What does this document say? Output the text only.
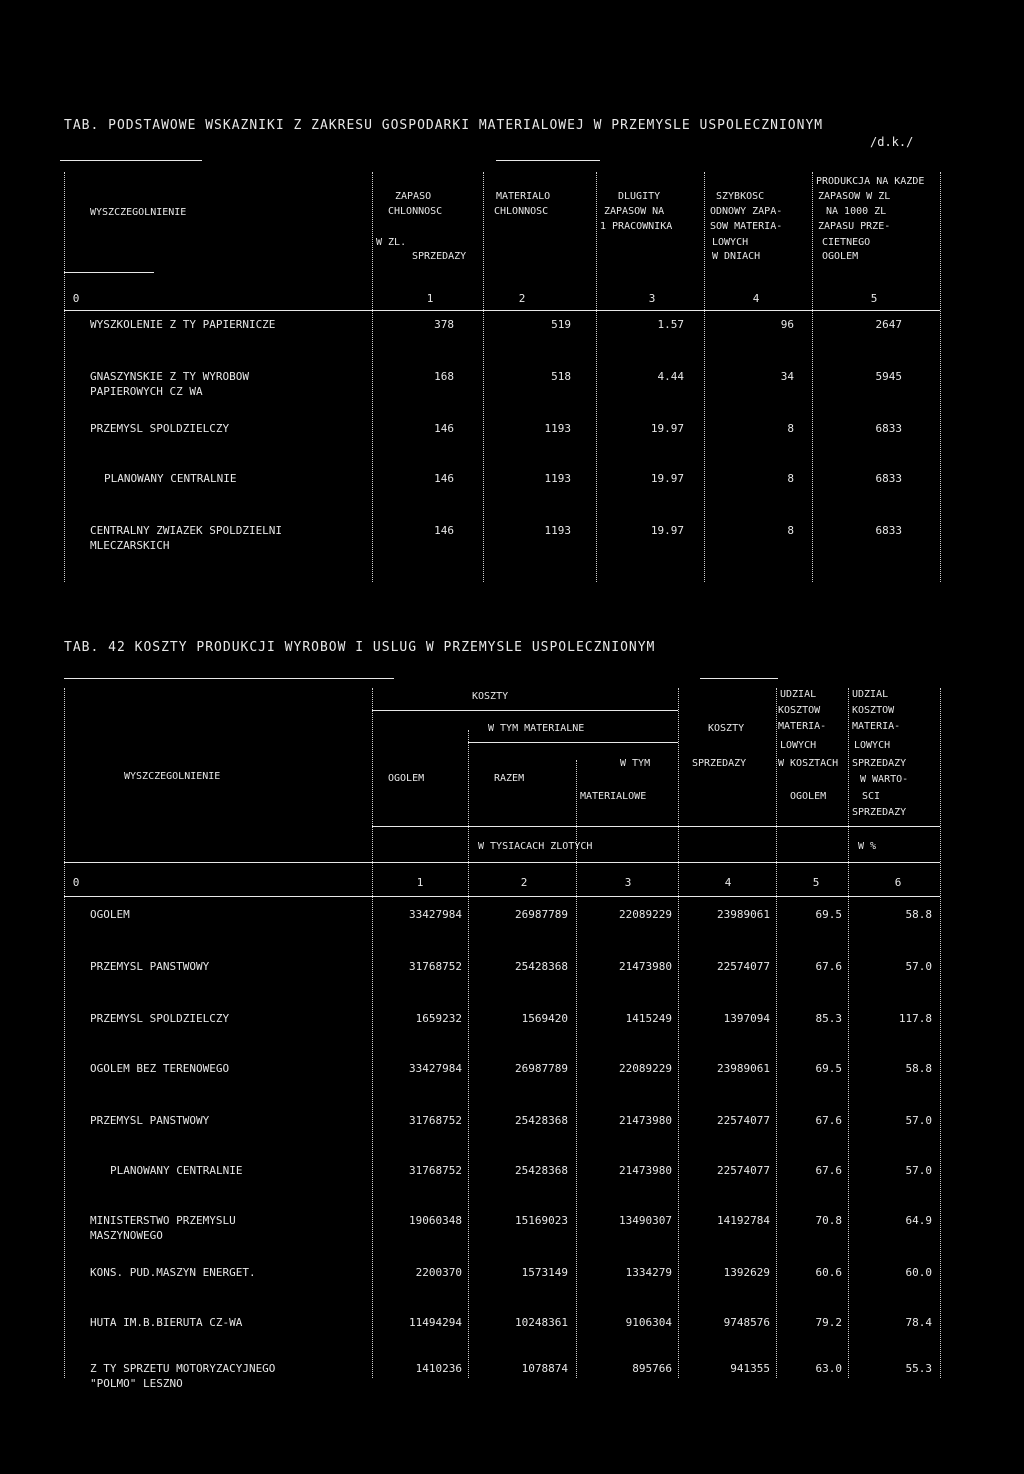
TAB. PODSTAWOWE WSKAZNIKI Z ZAKRESU GOSPODARKI MATERIALOWEJ W PRZEMYSLE USPOLECZNIONYM
/d.k./
WYSZCZEGOLNIENIE
ZAPASO
CHLONNOSC
W ZL.
SPRZEDAZY
MATERIALO
CHLONNOSC
DLUGITY
ZAPASOW NA
1 PRACOWNIKA
SZYBKOSC
ODNOWY ZAPA-
SOW MATERIA-
LOWYCH
W DNIACH
PRODUKCJA NA KAZDE
ZAPASOW W ZL
NA 1000 ZL
ZAPASU PRZE-
CIETNEGO
OGOLEM
0	1	2	3	4	5
WYSZKOLENIE Z TY PAPIERNICZE	378	519	1.57	96	2647
GNASZYNSKIE Z TY WYROBOW
PAPIEROWYCH CZ WA
168	518	4.44	34	5945
PRZEMYSL SPOLDZIELCZY	146	1193	19.97	8	6833
PLANOWANY CENTRALNIE	146	1193	19.97	8	6833
CENTRALNY ZWIAZEK SPOLDZIELNI
MLECZARSKICH
146	1193	19.97	8	6833
TAB. 42 KOSZTY PRODUKCJI WYROBOW I USLUG W PRZEMYSLE USPOLECZNIONYM
WYSZCZEGOLNIENIE
KOSZTY
W TYM MATERIALNE
OGOLEM	RAZEM
W TYM
MATERIALOWE
KOSZTY
SPRZEDAZY
UDZIAL
KOSZTOW
MATERIA-
LOWYCH
W KOSZTACH
OGOLEM
UDZIAL
KOSZTOW
MATERIA-
LOWYCH
SPRZEDAZY
W WARTO-
SCI
SPRZEDAZY
W TYSIACACH ZLOTYCH	W %
0	1	2	3	4	5	6
OGOLEM	33427984	26987789	22089229	23989061	69.5	58.8
PRZEMYSL PANSTWOWY	31768752	25428368	21473980	22574077	67.6	57.0
PRZEMYSL SPOLDZIELCZY	1659232	1569420	1415249	1397094	85.3	117.8
OGOLEM BEZ TERENOWEGO	33427984	26987789	22089229	23989061	69.5	58.8
PRZEMYSL PANSTWOWY	31768752	25428368	21473980	22574077	67.6	57.0
PLANOWANY CENTRALNIE	31768752	25428368	21473980	22574077	67.6	57.0
MINISTERSTWO PRZEMYSLU
MASZYNOWEGO
19060348	15169023	13490307	14192784	70.8	64.9
KONS. PUD.MASZYN ENERGET.	2200370	1573149	1334279	1392629	60.6	60.0
HUTA IM.B.BIERUTA CZ-WA	11494294	10248361	9106304	9748576	79.2	78.4
Z TY SPRZETU MOTORYZACYJNEGO
"POLMO" LESZNO
1410236	1078874	895766	941355	63.0	55.3
